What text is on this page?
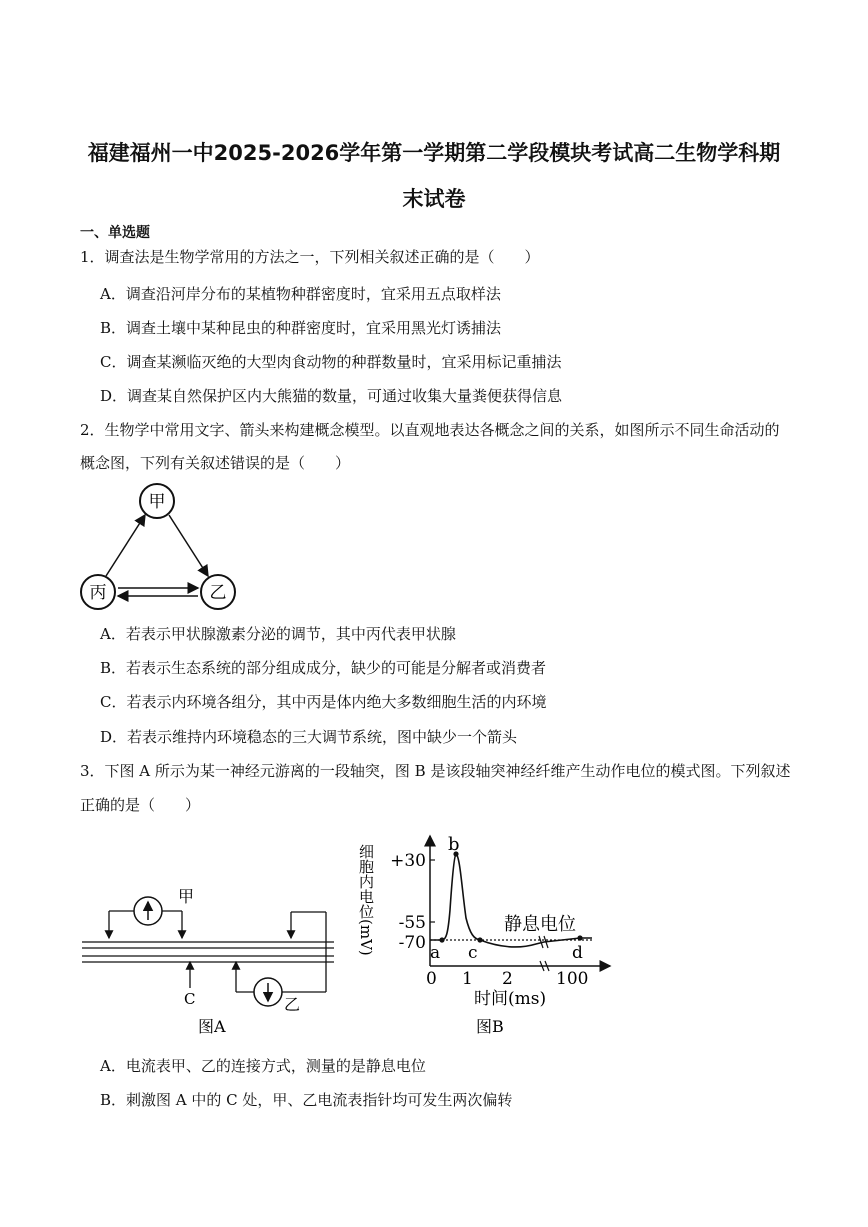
福建福州一中2025-2026学年第一学期第二学段模块考试高二生物学科期
末试卷
一、单选题
1．调查法是生物学常用的方法之一，下列相关叙述正确的是（　　）
A．调查沿河岸分布的某植物种群密度时，宜采用五点取样法
B．调查土壤中某种昆虫的种群密度时，宜采用黑光灯诱捕法
C．调查某濒临灭绝的大型肉食动物的种群数量时，宜采用标记重捕法
D．调查某自然保护区内大熊猫的数量，可通过收集大量粪便获得信息
2．生物学中常用文字、箭头来构建概念模型。以直观地表达各概念之间的关系，如图所示不同生命活动的
概念图，下列有关叙述错误的是（　　）
甲
丙	乙
A．若表示甲状腺激素分泌的调节，其中丙代表甲状腺
B．若表示生态系统的部分组成成分，缺少的可能是分解者或消费者
C．若表示内环境各组分，其中丙是体内绝大多数细胞生活的内环境
D．若表示维持内环境稳态的三大调节系统，图中缺少一个箭头
3．下图 A 所示为某一神经元游离的一段轴突，图 B 是该段轴突神经纤维产生动作电位的模式图。下列叙述
正确的是（　　）
甲
乙
C
图A
细胞内电位(mV) +30
-55
-70 a
b
c	d
静息电位
0 1 2	100
时间(ms)
图B
A．电流表甲、乙的连接方式，测量的是静息电位
B．刺激图 A 中的 C 处，甲、乙电流表指针均可发生两次偏转
